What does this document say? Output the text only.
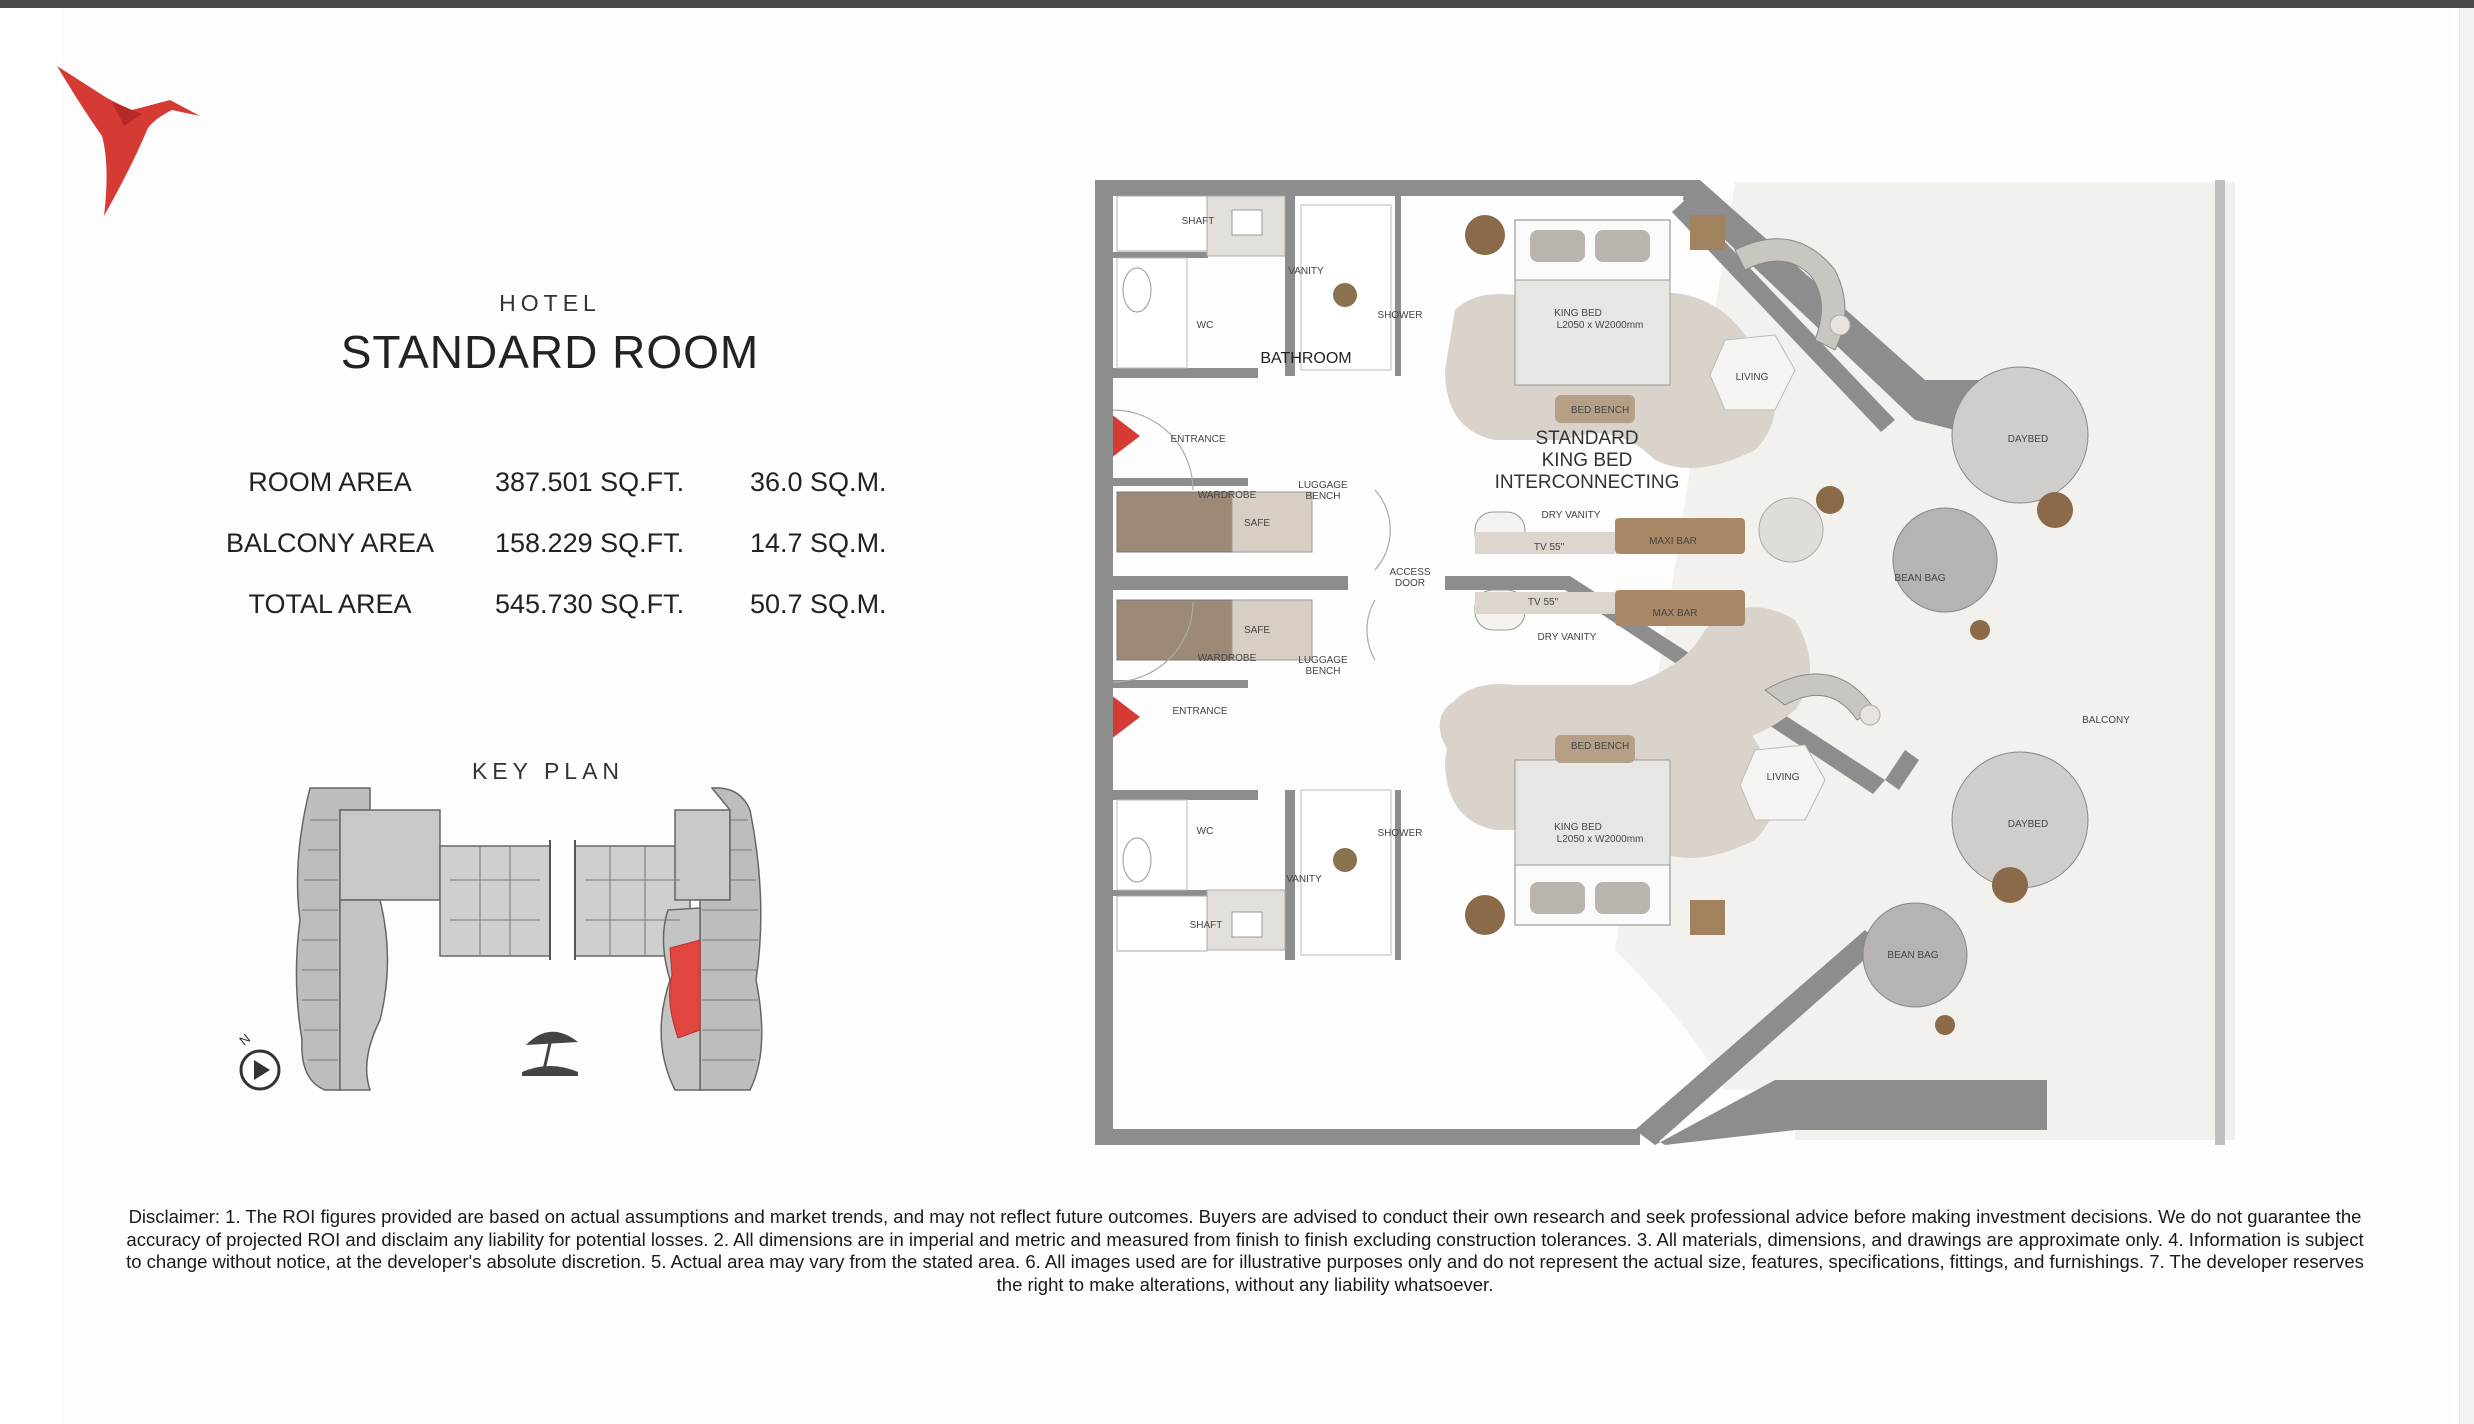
HOTEL
STANDARD ROOM
ROOM AREA	387.501 SQ.FT.	36.0 SQ.M.
BALCONY AREA	158.229 SQ.FT.	14.7 SQ.M.
TOTAL AREA	545.730 SQ.FT.	50.7 SQ.M.
KEY PLAN
N
SHAFT
VANITY
SHOWER
WC
BATHROOM
ENTRANCE
WARDROBE
SAFE
LUGGAGE BENCH
ACCESS
DOOR
SAFE
WARDROBE	LUGGAGE BENCH
ENTRANCE
KING BED
L2050 x W2000mm
LIVING
BED BENCH
STANDARD
KING BED
INTERCONNECTING
DRY VANITY
TV 55"
MAXI BAR
TV 55"
MAX BAR
DRY VANITY
BED BENCH
LIVING
KING BED
L2050 x W2000mm
SHOWER
WC
VANITY
SHAFT
DAYBED
BEAN BAG
BALCONY
DAYBED
BEAN BAG
Disclaimer: 1. The ROI figures provided are based on actual assumptions and market trends, and may not reflect future outcomes. Buyers are advised to conduct their own research and seek professional advice before making investment decisions. We do not guarantee the accuracy of projected ROI and disclaim any liability for potential losses. 2. All dimensions are in imperial and metric and measured from finish to finish excluding construction tolerances. 3. All materials, dimensions, and drawings are approximate only. 4. Information is subject to change without notice, at the developer's absolute discretion. 5. Actual area may vary from the stated area. 6. All images used are for illustrative purposes only and do not represent the actual size, features, specifications, fittings, and furnishings. 7. The developer reserves the right to make alterations, without any liability whatsoever.
